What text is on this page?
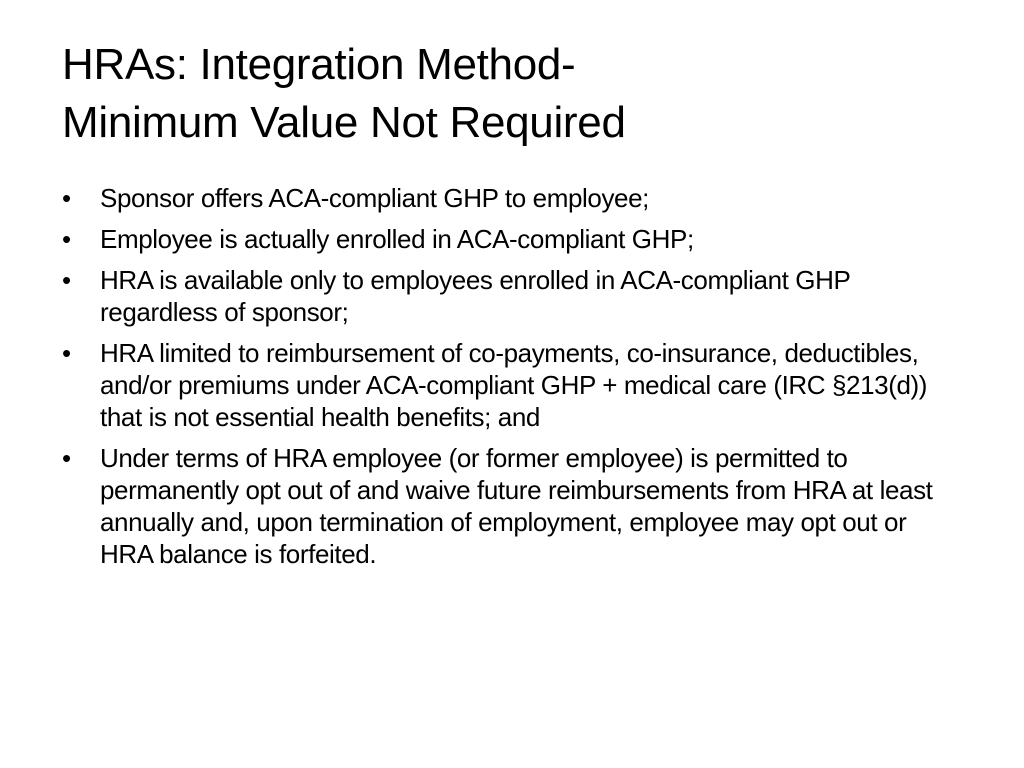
HRAs: Integration Method-
Minimum Value Not Required
•	Sponsor offers ACA-compliant GHP to employee;
•	Employee is actually enrolled in ACA-compliant GHP;
•	HRA is available only to employees enrolled in ACA-compliant GHP regardless of sponsor;
•	HRA limited to reimbursement of co-payments, co-insurance, deductibles, and/or premiums under ACA-compliant GHP + medical care (IRC §213(d)) that is not essential health benefits; and
•	Under terms of HRA employee (or former employee) is permitted to permanently opt out of and waive future reimbursements from HRA at least annually and, upon termination of employment, employee may opt out or HRA balance is forfeited.
